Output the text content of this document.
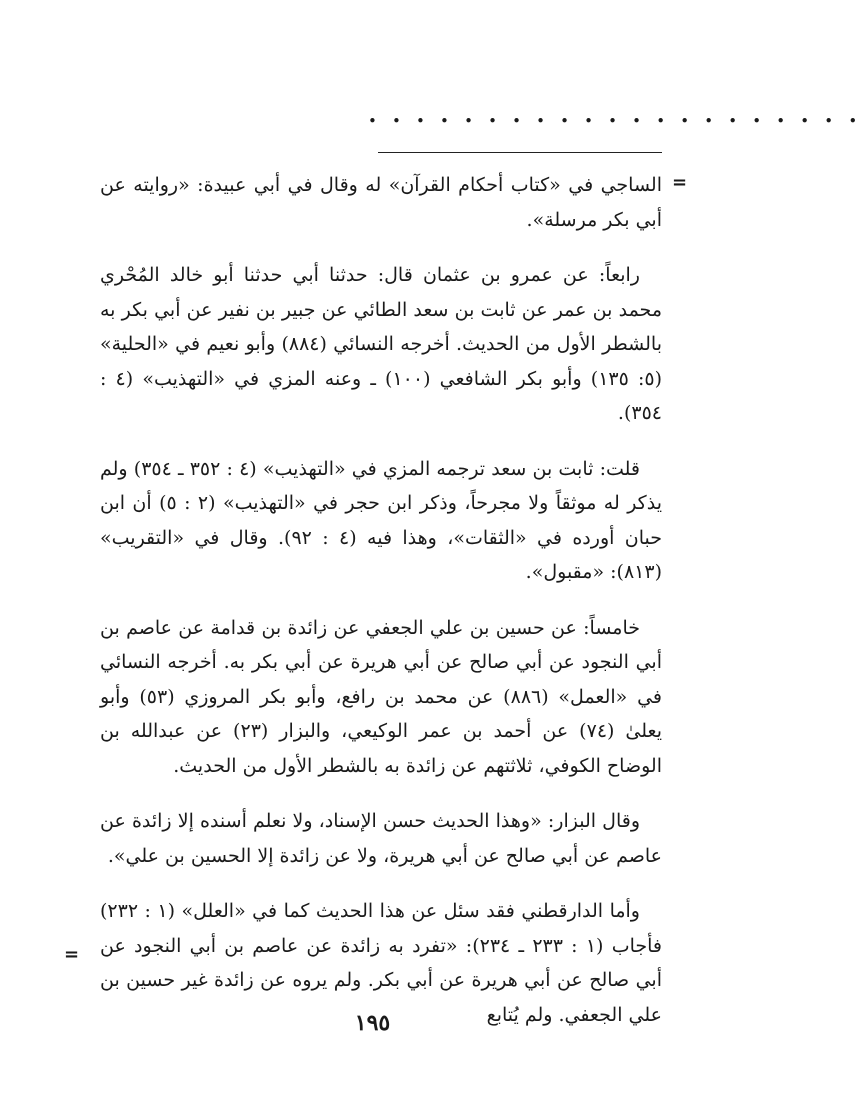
• • • • • • • • • • • • • • • • • • • • •
=

الساجي في «كتاب أحكام القرآن» له وقال في أبي عبيدة: «روايته عن أبي بكر مرسلة».

رابعاً: عن عمرو بن عثمان قال: حدثنا أبي حدثنا أبو خالد المُحْري محمد بن عمر عن ثابت بن سعد الطائي عن جبير بن نفير عن أبي بكر به بالشطر الأول من الحديث. أخرجه النسائي (٨٨٤) وأبو نعيم في «الحلية» (٥: ١٣٥) وأبو بكر الشافعي (١٠٠) ـ وعنه المزي في «التهذيب» (٤ : ٣٥٤).

قلت: ثابت بن سعد ترجمه المزي في «التهذيب» (٤ : ٣٥٢ ـ ٣٥٤) ولم يذكر له موثقاً ولا مجرحاً، وذكر ابن حجر في «التهذيب» (٢ : ٥) أن ابن حبان أورده في «الثقات»، وهذا فيه (٤ : ٩٢). وقال في «التقريب» (٨١٣): «مقبول».

خامساً: عن حسين بن علي الجعفي عن زائدة بن قدامة عن عاصم بن أبي النجود عن أبي صالح عن أبي هريرة عن أبي بكر به. أخرجه النسائي في «العمل» (٨٨٦) عن محمد بن رافع، وأبو بكر المروزي (٥٣) وأبو يعلىٰ (٧٤) عن أحمد بن عمر الوكيعي، والبزار (٢٣) عن عبدالله بن الوضاح الكوفي، ثلاثتهم عن زائدة به بالشطر الأول من الحديث.

وقال البزار: «وهذا الحديث حسن الإسناد، ولا نعلم أسنده إلا زائدة عن عاصم عن أبي صالح عن أبي هريرة، ولا عن زائدة إلا الحسين بن علي».

وأما الدارقطني فقد سئل عن هذا الحديث كما في «العلل» (١ : ٢٣٢) فأجاب (١ : ٢٣٣ ـ ٢٣٤): «تفرد به زائدة عن عاصم بن أبي النجود عن أبي صالح عن أبي هريرة عن أبي بكر. ولم يروه عن زائدة غير حسين بن علي الجعفي. ولم يُتابع

=
١٩٥
